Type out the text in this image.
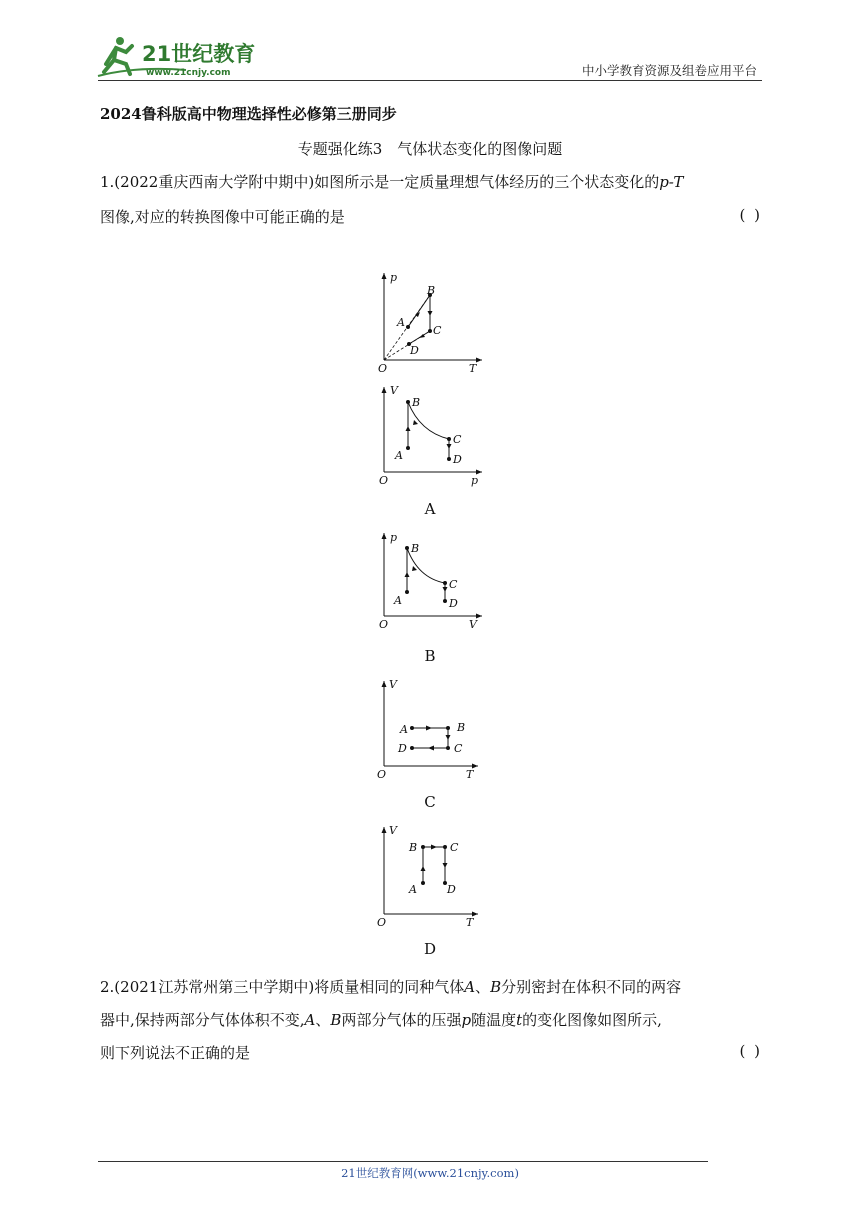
21世纪教育
www.21cnjy.com	中小学教育资源及组卷应用平台
2024鲁科版高中物理选择性必修第三册同步
专题强化练3　气体状态变化的图像问题
1.(2022重庆西南大学附中期中)如图所示是一定质量理想气体经历的三个状态变化的p-T
图像,对应的转换图像中可能正确的是	( )
p
T
O
A
B
C
D
V
p
O
A
B
C
D
A
p
V
O
A
B
C
D
B
V
T
O
A	B
C
D
C
V
T
O
A
B	C
D
D
2.(2021江苏常州第三中学期中)将质量相同的同种气体A、B分别密封在体积不同的两容
器中,保持两部分气体体积不变,A、B两部分气体的压强p随温度t的变化图像如图所示,
则下列说法不正确的是	( )
21世纪教育网(www.21cnjy.com)
